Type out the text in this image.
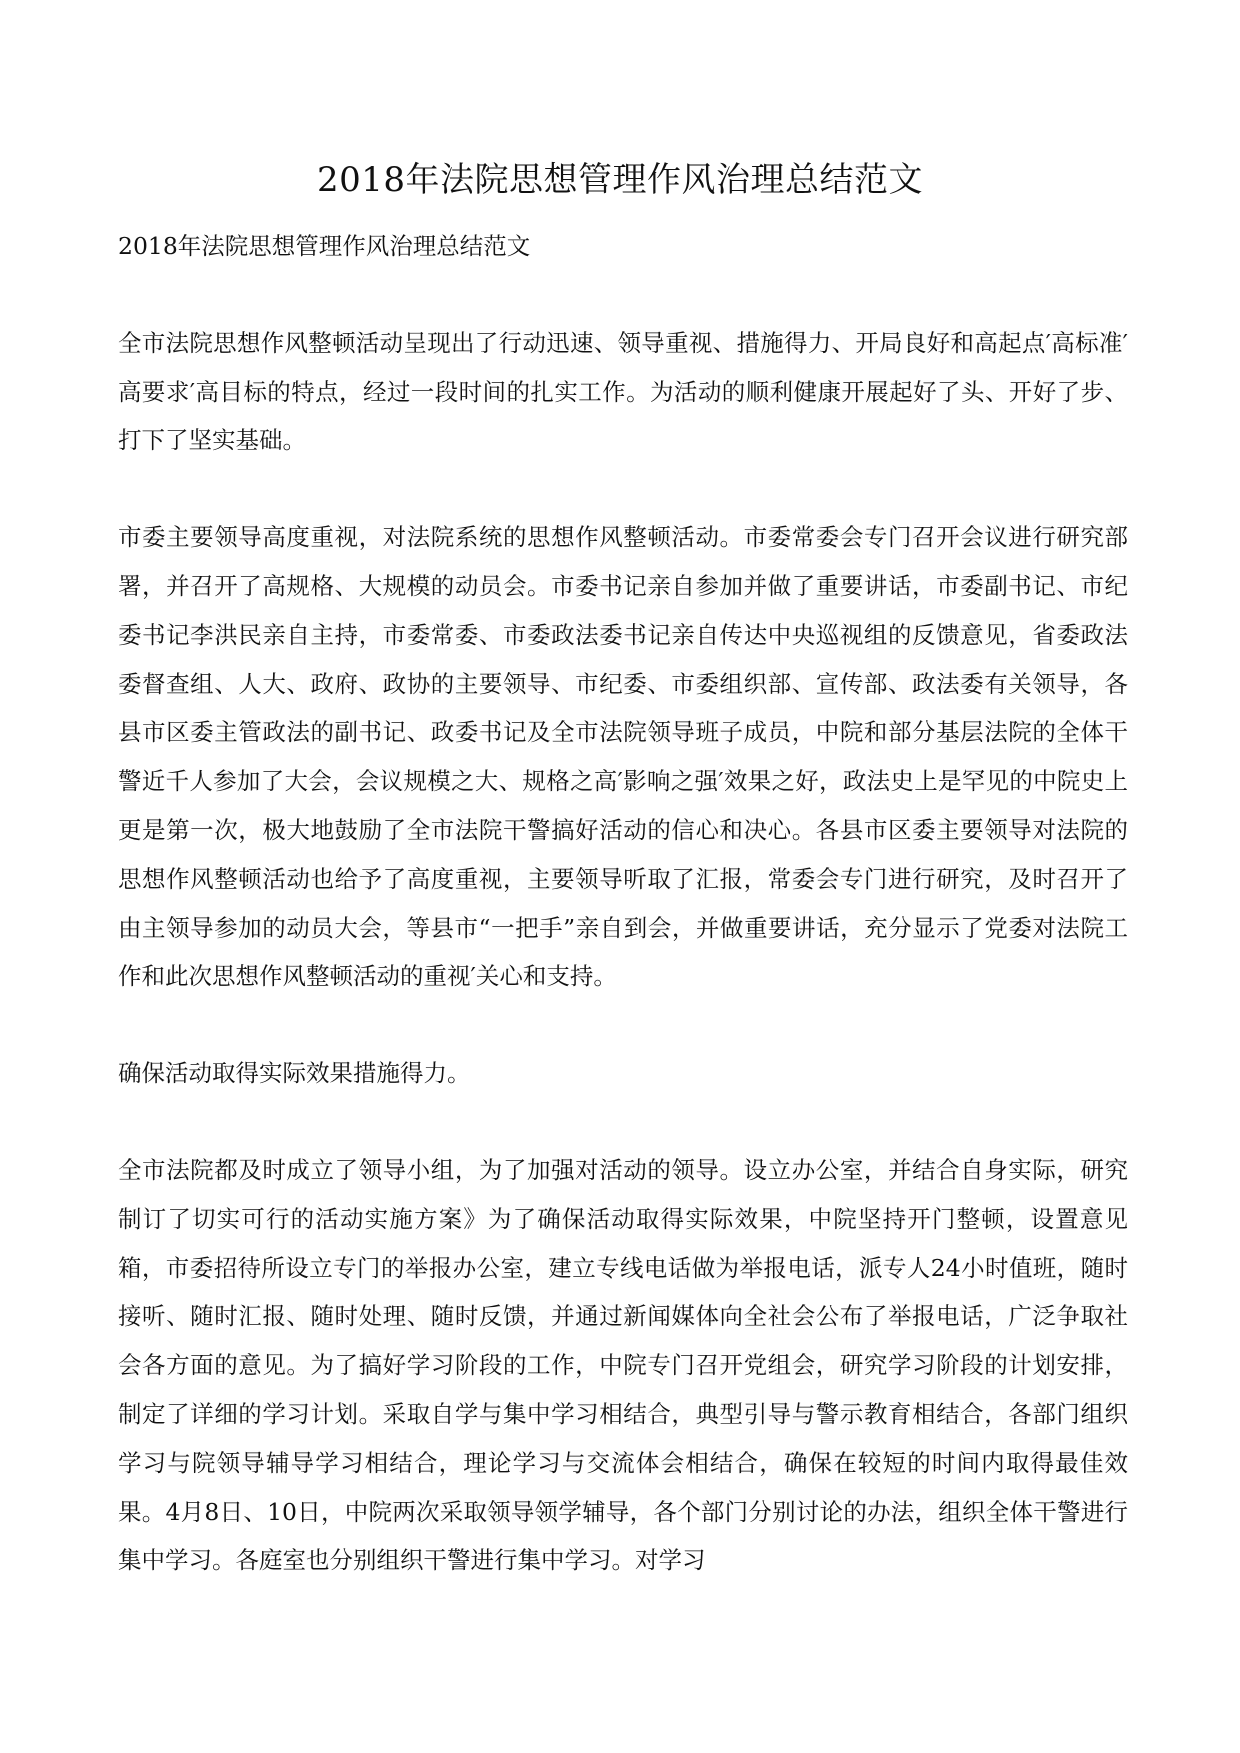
2018年法院思想管理作风治理总结范文

2018年法院思想管理作风治理总结范文

全市法院思想作风整顿活动呈现出了行动迅速、领导重视、措施得力、开局良好和高起点′高标准′高要求′高目标的特点，经过一段时间的扎实工作。为活动的顺利健康开展起好了头、开好了步、打下了坚实基础。

市委主要领导高度重视，对法院系统的思想作风整顿活动。市委常委会专门召开会议进行研究部署，并召开了高规格、大规模的动员会。市委书记亲自参加并做了重要讲话，市委副书记、市纪委书记李洪民亲自主持，市委常委、市委政法委书记亲自传达中央巡视组的反馈意见，省委政法委督查组、人大、政府、政协的主要领导、市纪委、市委组织部、宣传部、政法委有关领导，各县市区委主管政法的副书记、政委书记及全市法院领导班子成员，中院和部分基层法院的全体干警近千人参加了大会，会议规模之大、规格之高′影响之强′效果之好，政法史上是罕见的中院史上更是第一次，极大地鼓励了全市法院干警搞好活动的信心和决心。各县市区委主要领导对法院的思想作风整顿活动也给予了高度重视，主要领导听取了汇报，常委会专门进行研究，及时召开了由主领导参加的动员大会，等县市“一把手”亲自到会，并做重要讲话，充分显示了党委对法院工作和此次思想作风整顿活动的重视′关心和支持。

确保活动取得实际效果措施得力。

全市法院都及时成立了领导小组，为了加强对活动的领导。设立办公室，并结合自身实际，研究制订了切实可行的活动实施方案》为了确保活动取得实际效果，中院坚持开门整顿，设置意见箱，市委招待所设立专门的举报办公室，建立专线电话做为举报电话，派专人24小时值班，随时接听、随时汇报、随时处理、随时反馈，并通过新闻媒体向全社会公布了举报电话，广泛争取社会各方面的意见。为了搞好学习阶段的工作，中院专门召开党组会，研究学习阶段的计划安排，制定了详细的学习计划。采取自学与集中学习相结合，典型引导与警示教育相结合，各部门组织学习与院领导辅导学习相结合，理论学习与交流体会相结合，确保在较短的时间内取得最佳效果。4月8日、10日，中院两次采取领导领学辅导，各个部门分别讨论的办法，组织全体干警进行集中学习。各庭室也分别组织干警进行集中学习。对学习
